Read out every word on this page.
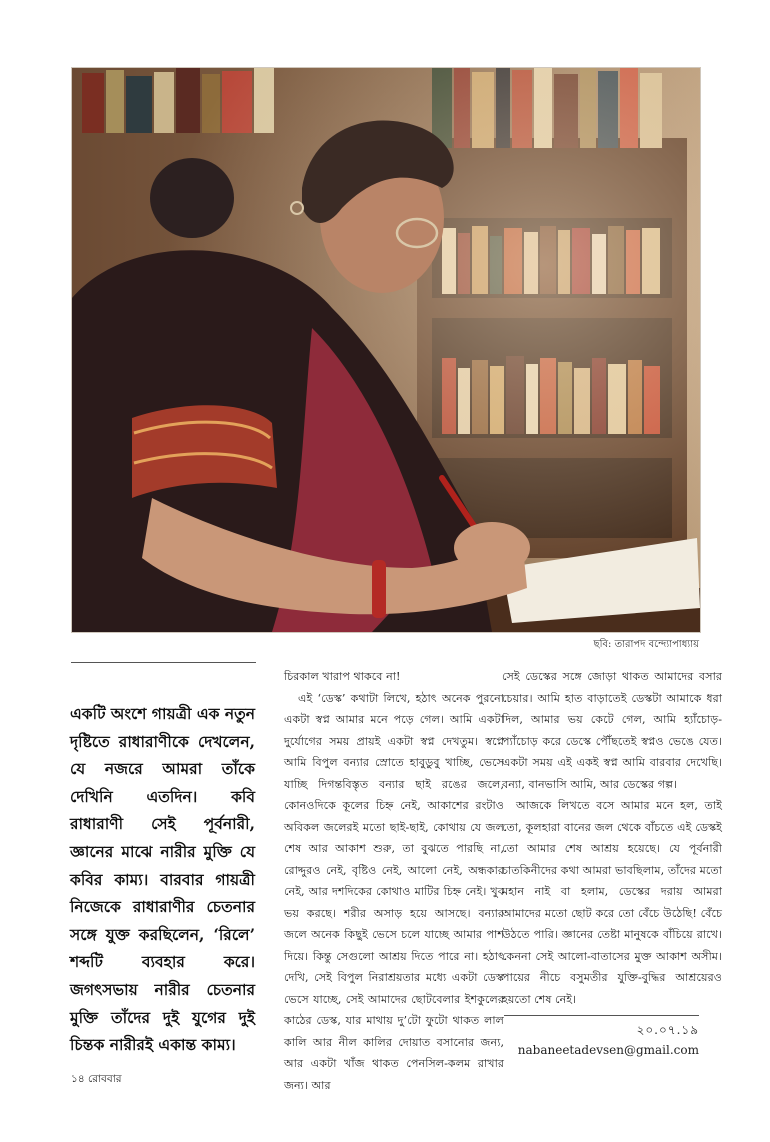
ছবি: তারাপদ বন্দ্যোপাধ্যায়

একটি অংশে গায়ত্রী এক নতুন দৃষ্টিতে রাধারাণীকে দেখলেন, যে নজরে আমরা তাঁকে দেখিনি এতদিন। কবি রাধারাণী সেই পূর্বনারী, জ্ঞানের মাঝে নারীর মুক্তি যে কবির কাম্য। বারবার গায়ত্রী নিজেকে রাধারাণীর চেতনার সঙ্গে যুক্ত করছিলেন, ‘রিলে’ শব্দটি ব্যবহার করে। জগৎসভায় নারীর চেতনার মুক্তি তাঁদের দুই যুগের দুই চিন্তক নারীরই একান্ত কাম্য।

চিরকাল খারাপ থাকবে না!

এই ‘ডেস্ক’ কথাটা লিখে, হঠাৎ অনেক পুরনো একটা স্বপ্ন আমার মনে পড়ে গেল। আমি একটা দুর্যোগের সময় প্রায়ই একটা স্বপ্ন দেখতুম। স্বপ্নে আমি বিপুল বন্যার স্রোতে হাবুডুবু খাচ্ছি, ভেসে যাচ্ছি দিগন্তবিস্তৃত বন্যার ছাই রঙের জলে, কোনওদিকে কূলের চিহ্ন নেই, আকাশের রংটাও অবিকল জলেরই মতো ছাই-ছাই, কোথায় যে জল শেষ আর আকাশ শুরু, তা বুঝতে পারছি না, রোদ্দুরও নেই, বৃষ্টিও নেই, আলো নেই, অন্ধকার নেই, আর দশদিকের কোথাও মাটির চিহ্ন নেই। খুব ভয় করছে। শরীর অসাড় হয়ে আসছে। বন্যার জলে অনেক কিছুই ভেসে চলে যাচ্ছে আমার পাশ দিয়ে। কিন্তু সেগুলো আশ্রয় দিতে পারে না। হঠাৎ দেখি, সেই বিপুল নিরাশ্রয়তার মধ্যে একটা ডেস্ক ভেসে যাচ্ছে, সেই আমাদের ছোটবেলার ইশকুলের কাঠের ডেস্ক, যার মাথায় দু’টো ফুটো থাকত লাল কালি আর নীল কালির দোয়াত বসানোর জন্য, আর একটা খাঁজ থাকত পেনসিল-কলম রাখার জন্য। আর

সেই ডেস্কের সঙ্গে জোড়া থাকত আমাদের বসার চেয়ার। আমি হাত বাড়াতেই ডেস্কটা আমাকে ধরা দিল, আমার ভয় কেটে গেল, আমি হ্যাঁচোড়-প্যাঁচোড় করে ডেস্কে পৌঁছতেই স্বপ্নও ভেঙে যেত। একটা সময় এই একই স্বপ্ন আমি বারবার দেখেছি। বন্যা, বানভাসি আমি, আর ডেস্কের গল্প।

আজকে লিখতে বসে আমার মনে হল, তাই তো, কূলহারা বানের জল থেকে বাঁচতে এই ডেস্কই তো আমার শেষ আশ্রয় হয়েছে। যে পূর্বনারী চাতকিনীদের কথা আমরা ভাবছিলাম, তাঁদের মতো মহান নাই বা হলাম, ডেস্কের দরায় আমরা আমাদের মতো ছোট করে তো বেঁচে উঠেছি! বেঁচে উঠতে পারি। জ্ঞানের তেষ্টা মানুষকে বাঁচিয়ে রাখে। কেননা সেই আলো-বাতাসের মুক্ত আকাশ অসীম। পায়ের নীচে বসুমতীর যুক্তি-বুদ্ধির আশ্রয়েরও হয়তো শেষ নেই।

২০.০৭.১৯
nabaneetadevsen@gmail.com
১৪ রোববার
